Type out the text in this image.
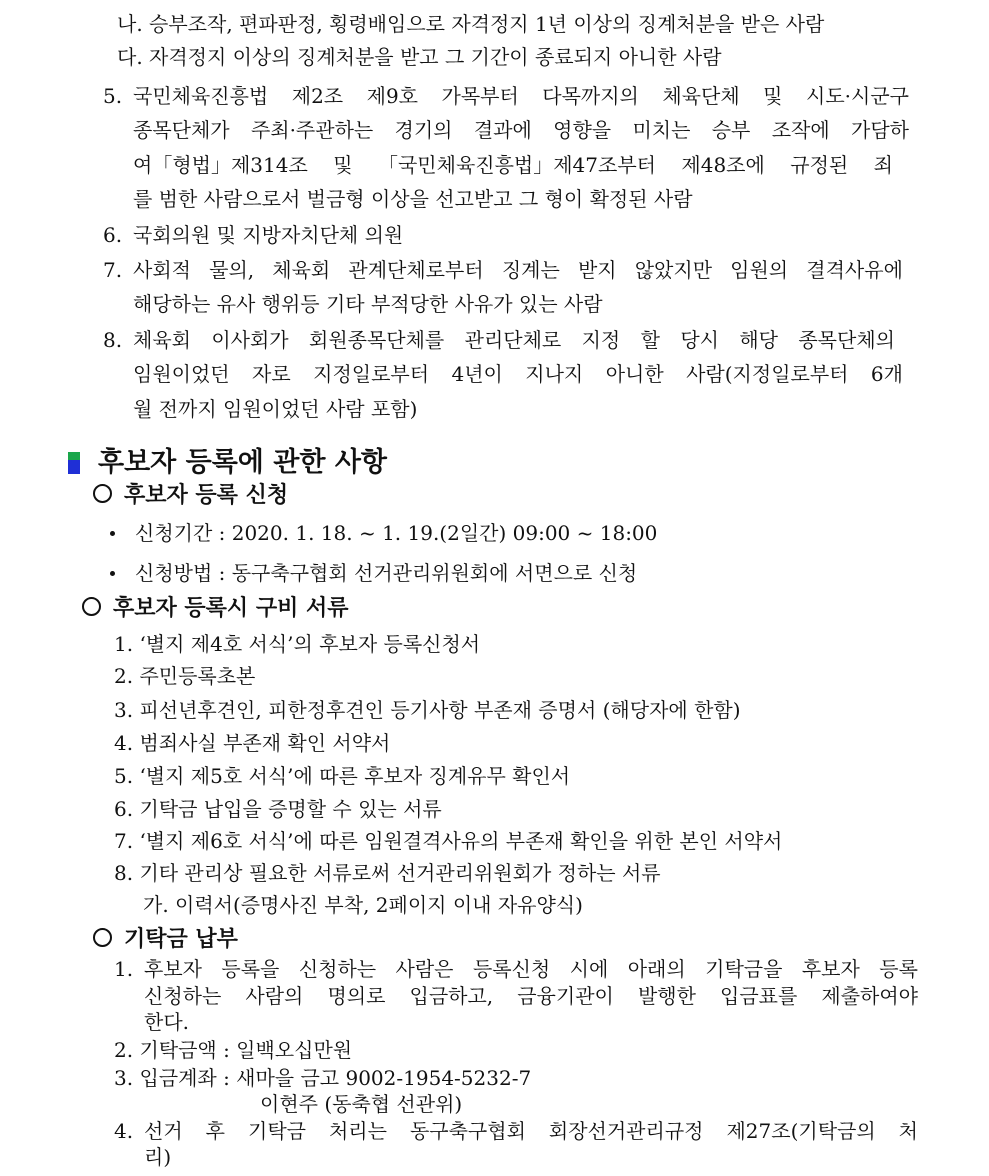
나. 승부조작, 편파판정, 횡령배임으로 자격정지 1년 이상의 징계처분을 받은 사람
다. 자격정지 이상의 징계처분을 받고 그 기간이 종료되지 아니한 사람
5. 국민체육진흥법 제2조 제9호 가목부터 다목까지의 체육단체 및 시도·시군구
종목단체가 주최·주관하는 경기의 결과에 영향을 미치는 승부 조작에 가담하
여「형법」제314조 및 「국민체육진흥법」제47조부터 제48조에 규정된 죄
를 범한 사람으로서 벌금형 이상을 선고받고 그 형이 확정된 사람
6. 국회의원 및 지방자치단체 의원
7. 사회적 물의, 체육회 관계단체로부터 징계는 받지 않았지만 임원의 결격사유에
해당하는 유사 행위등 기타 부적당한 사유가 있는 사람
8. 체육회 이사회가 회원종목단체를 관리단체로 지정 할 당시 해당 종목단체의
임원이었던 자로 지정일로부터 4년이 지나지 아니한 사람(지정일로부터 6개
월 전까지 임원이었던 사람 포함)
후보자 등록에 관한 사항
후보자 등록 신청
신청기간 : 2020. 1. 18. ~ 1. 19.(2일간) 09:00 ~ 18:00
신청방법 : 동구축구협회 선거관리위원회에 서면으로 신청
후보자 등록시 구비 서류
1. ‘별지 제4호 서식’의 후보자 등록신청서
2. 주민등록초본
3. 피선년후견인, 피한정후견인 등기사항 부존재 증명서 (해당자에 한함)
4. 범죄사실 부존재 확인 서약서
5. ‘별지 제5호 서식’에 따른 후보자 징계유무 확인서
6. 기탁금 납입을 증명할 수 있는 서류
7. ‘별지 제6호 서식’에 따른 임원결격사유의 부존재 확인을 위한 본인 서약서
8. 기타 관리상 필요한 서류로써 선거관리위원회가 정하는 서류
가. 이력서(증명사진 부착, 2페이지 이내 자유양식)
기탁금 납부
1. 후보자 등록을 신청하는 사람은 등록신청 시에 아래의 기탁금을 후보자 등록
신청하는 사람의 명의로 입금하고, 금융기관이 발행한 입금표를 제출하여야
한다.
2. 기탁금액 : 일백오십만원
3. 입금계좌 : 새마을 금고 9002-1954-5232-7
이현주 (동축협 선관위)
4. 선거 후 기탁금 처리는 동구축구협회 회장선거관리규정 제27조(기탁금의 처
리)
